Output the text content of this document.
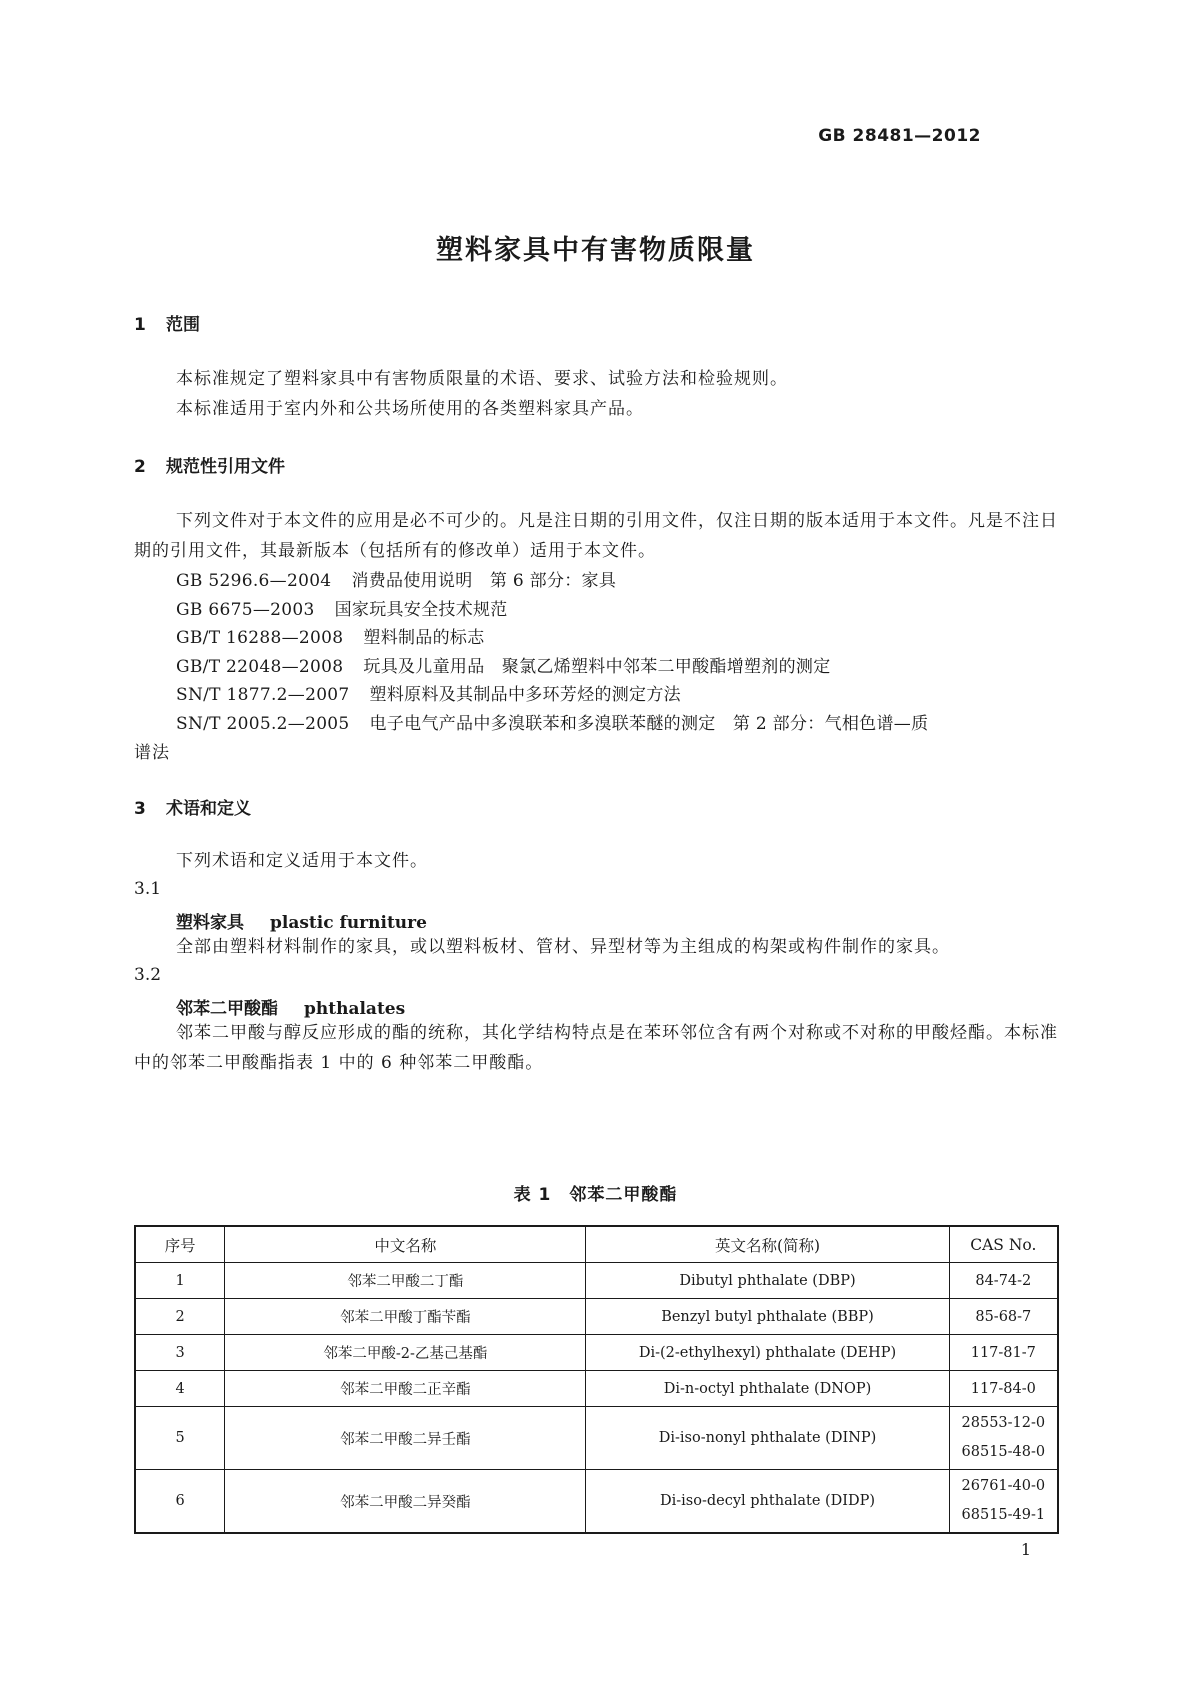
GB 28481—2012
塑料家具中有害物质限量
1 范围
本标准规定了塑料家具中有害物质限量的术语、要求、试验方法和检验规则。
本标准适用于室内外和公共场所使用的各类塑料家具产品。
2 规范性引用文件
下列文件对于本文件的应用是必不可少的。凡是注日期的引用文件，仅注日期的版本适用于本文件。凡是不注日期的引用文件，其最新版本（包括所有的修改单）适用于本文件。
GB 5296.6—2004 消费品使用说明　第 6 部分：家具
GB 6675—2003 国家玩具安全技术规范
GB/T 16288—2008 塑料制品的标志
GB/T 22048—2008 玩具及儿童用品　聚氯乙烯塑料中邻苯二甲酸酯增塑剂的测定
SN/T 1877.2—2007 塑料原料及其制品中多环芳烃的测定方法
SN/T 2005.2—2005 电子电气产品中多溴联苯和多溴联苯醚的测定　第 2 部分：气相色谱—质
谱法
3 术语和定义
下列术语和定义适用于本文件。
3.1
塑料家具 plastic furniture
全部由塑料材料制作的家具，或以塑料板材、管材、异型材等为主组成的构架或构件制作的家具。
3.2
邻苯二甲酸酯 phthalates
邻苯二甲酸与醇反应形成的酯的统称，其化学结构特点是在苯环邻位含有两个对称或不对称的甲酸烃酯。本标准中的邻苯二甲酸酯指表 1 中的 6 种邻苯二甲酸酯。
表 1　邻苯二甲酸酯
序号	中文名称	英文名称(简称)	CAS No.
1	邻苯二甲酸二丁酯	Dibutyl phthalate (DBP)	84-74-2
2	邻苯二甲酸丁酯苄酯	Benzyl butyl phthalate (BBP)	85-68-7
3	邻苯二甲酸-2-乙基己基酯	Di-(2-ethylhexyl) phthalate (DEHP)	117-81-7
4	邻苯二甲酸二正辛酯	Di-n-octyl phthalate (DNOP)	117-84-0
5	邻苯二甲酸二异壬酯	Di-iso-nonyl phthalate (DINP)	28553-12-0
68515-48-0

6	邻苯二甲酸二异癸酯	Di-iso-decyl phthalate (DIDP)	26761-40-0
68515-49-1
1
